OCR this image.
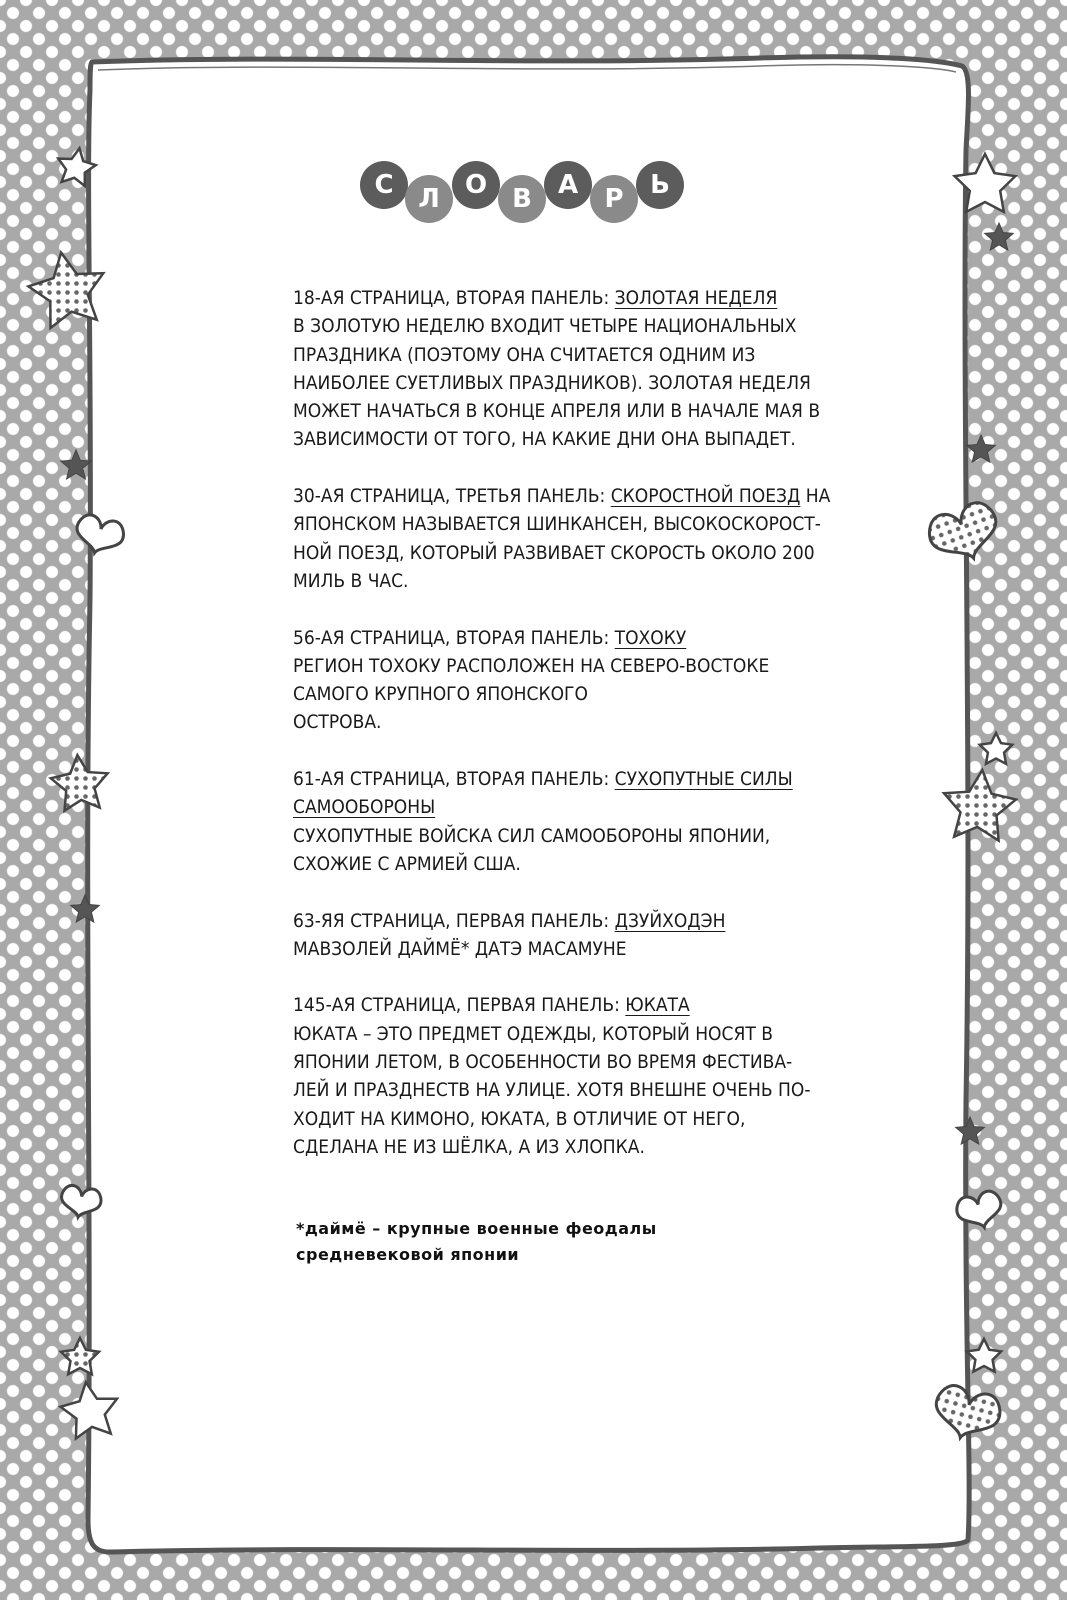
С Л О В	А	Р	Ь
18-АЯ СТРАНИЦА, ВТОРАЯ ПАНЕЛЬ: ЗОЛОТАЯ НЕДЕЛЯ
В ЗОЛОТУЮ НЕДЕЛЮ ВХОДИТ ЧЕТЫРЕ НАЦИОНАЛЬНЫХ
ПРАЗДНИКА (ПОЭТОМУ ОНА СЧИТАЕТСЯ ОДНИМ ИЗ
НАИБОЛЕЕ СУЕТЛИВЫХ ПРАЗДНИКОВ). ЗОЛОТАЯ НЕДЕЛЯ
МОЖЕТ НАЧАТЬСЯ В КОНЦЕ АПРЕЛЯ ИЛИ В НАЧАЛЕ МАЯ В
ЗАВИСИМОСТИ ОТ ТОГО, НА КАКИЕ ДНИ ОНА ВЫПАДЕТ.
30-АЯ СТРАНИЦА, ТРЕТЬЯ ПАНЕЛЬ: СКОРОСТНОЙ ПОЕЗД НА
ЯПОНСКОМ НАЗЫВАЕТСЯ ШИНКАНСЕН, ВЫСОКОСКОРОСТ-
НОЙ ПОЕЗД, КОТОРЫЙ РАЗВИВАЕТ СКОРОСТЬ ОКОЛО 200
МИЛЬ В ЧАС.
56-АЯ СТРАНИЦА, ВТОРАЯ ПАНЕЛЬ: ТОХОКУ
РЕГИОН ТОХОКУ РАСПОЛОЖЕН НА СЕВЕРО-ВОСТОКЕ
САМОГО КРУПНОГО ЯПОНСКОГО
ОСТРОВА.
61-АЯ СТРАНИЦА, ВТОРАЯ ПАНЕЛЬ: СУХОПУТНЫЕ СИЛЫ
САМООБОРОНЫ
СУХОПУТНЫЕ ВОЙСКА СИЛ САМООБОРОНЫ ЯПОНИИ,
СХОЖИЕ С АРМИЕЙ США.
63-ЯЯ СТРАНИЦА, ПЕРВАЯ ПАНЕЛЬ: ДЗУЙХОДЭН
МАВЗОЛЕЙ ДАЙМЁ* ДАТЭ МАСАМУНЕ
145-АЯ СТРАНИЦА, ПЕРВАЯ ПАНЕЛЬ: ЮКАТА
ЮКАТА – ЭТО ПРЕДМЕТ ОДЕЖДЫ, КОТОРЫЙ НОСЯТ В
ЯПОНИИ ЛЕТОМ, В ОСОБЕННОСТИ ВО ВРЕМЯ ФЕСТИВА-
ЛЕЙ И ПРАЗДНЕСТВ НА УЛИЦЕ. ХОТЯ ВНЕШНЕ ОЧЕНЬ ПО-
ХОДИТ НА КИМОНО, ЮКАТА, В ОТЛИЧИЕ ОТ НЕГО,
СДЕЛАНА НЕ ИЗ ШЁЛКА, А ИЗ ХЛОПКА.
*даймё – крупные военные феодалы
средневековой японии
